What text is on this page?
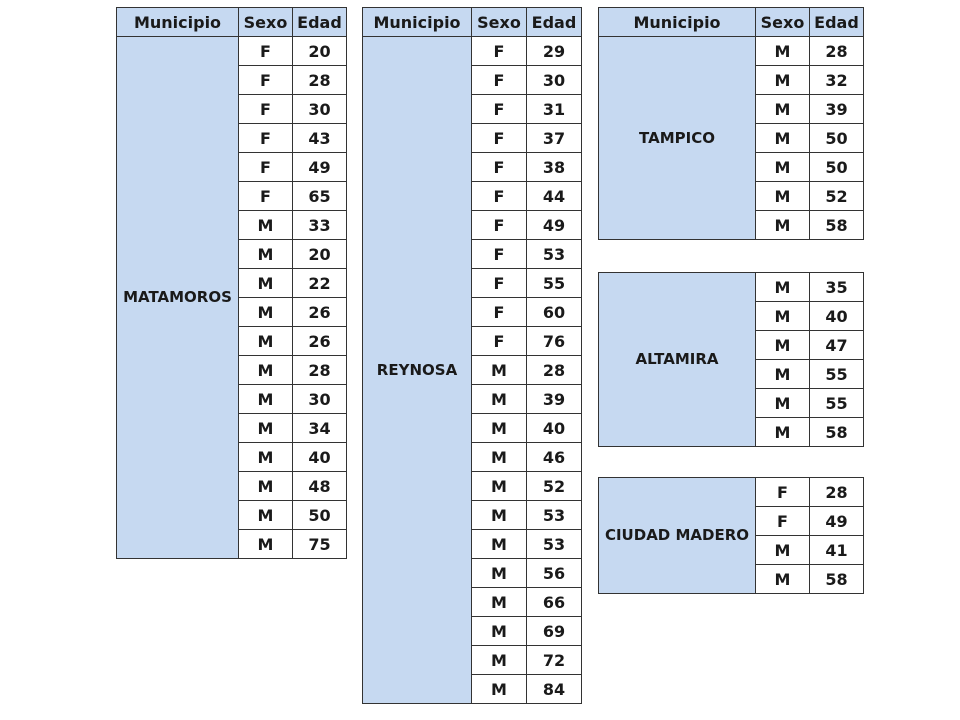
Municipio	Sexo	Edad
MATAMOROS	F	20
	F	28
	F	30
	F	43
	F	49
	F	65
	M	33
	M	20
	M	22
	M	26
	M	26
	M	28
	M	30
	M	34
	M	40
	M	48
	M	50
	M	75
Municipio	Sexo	Edad
REYNOSA	F	29
	F	30
	F	31
	F	37
	F	38
	F	44
	F	49
	F	53
	F	55
	F	60
	F	76
	M	28
	M	39
	M	40
	M	46
	M	52
	M	53
	M	53
	M	56
	M	66
	M	69
	M	72
	M	84
Municipio	Sexo	Edad
TAMPICO	M	28
	M	32
	M	39
	M	50
	M	50
	M	52
	M	58
ALTAMIRA	M	35
	M	40
	M	47
	M	55
	M	55
	M	58
CIUDAD MADERO	F	28
	F	49
	M	41
	M	58
